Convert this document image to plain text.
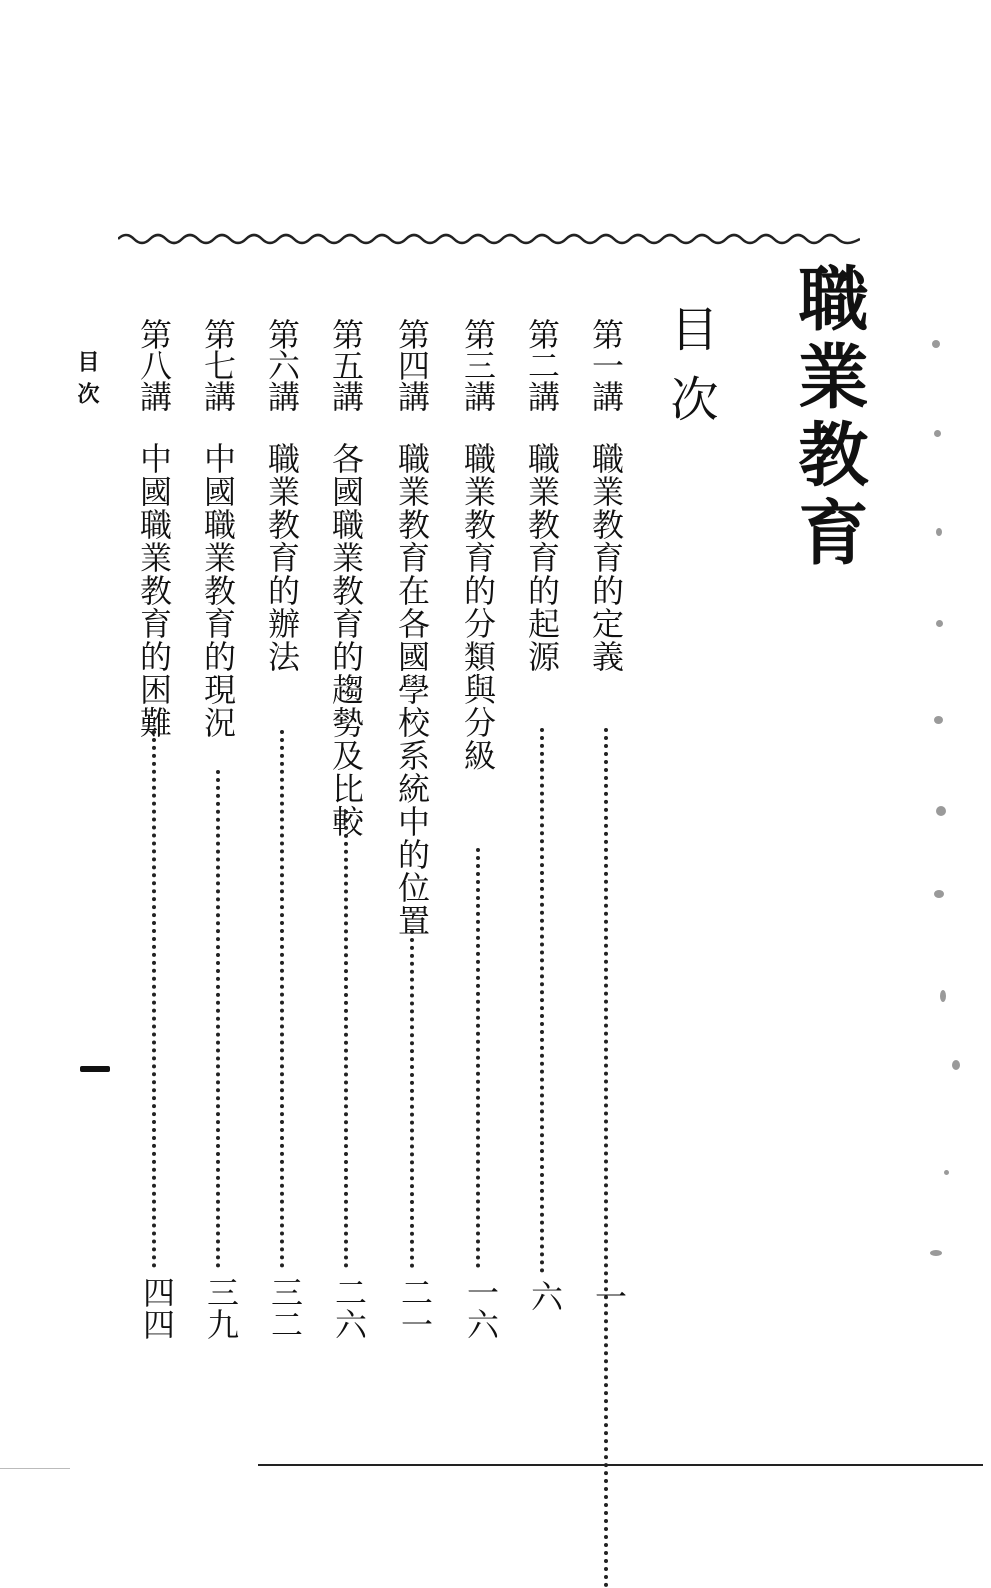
職業教育
目次
第一講
職業教育的定義
一
第二講
職業教育的起源
六
第三講
職業教育的分類與分級
一六
第四講
職業教育在各國學校系統中的位置
二一
第五講
各國職業教育的趨勢及比較
二六
第六講
職業教育的辦法
三二
第七講
中國職業教育的現況
三九
第八講
中國職業教育的困難
四四
目次
